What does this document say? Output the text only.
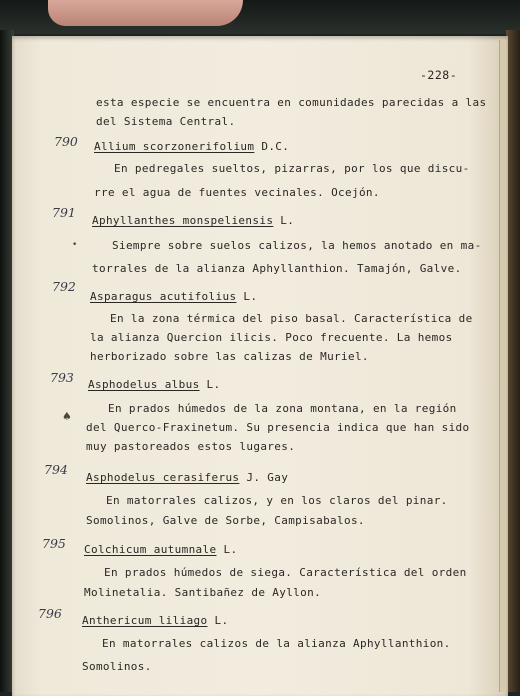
-228-
esta especie se encuentra en comunidades parecidas a las
del Sistema Central.
790 Allium scorzonerifolium D.C.
En pedregales sueltos, pizarras, por los que discu-
rre el agua de fuentes vecinales. Ocejón.
791
Aphyllanthes monspeliensis L.
•	Siempre sobre suelos calizos, la hemos anotado en ma-
torrales de la alianza Aphyllanthion. Tamajón, Galve.
792
Asparagus acutifolius L.
En la zona térmica del piso basal. Característica de
la alianza Quercion ilicis. Poco frecuente. La hemos
herborizado sobre las calizas de Muriel.
793 Asphodelus albus L.
En prados húmedos de la zona montana, en la región
♠
del Querco-Fraxinetum. Su presencia indica que han sido
muy pastoreados estos lugares.
794
Asphodelus cerasiferus J. Gay
En matorrales calizos, y en los claros del pinar.
Somolinos, Galve de Sorbe, Campisabalos.
795 Colchicum autumnale L.
En prados húmedos de siega. Característica del orden
Molinetalia. Santibañez de Ayllon.
796 Anthericum liliago L.
En matorrales calizos de la alianza Aphyllanthion.
Somolinos.
